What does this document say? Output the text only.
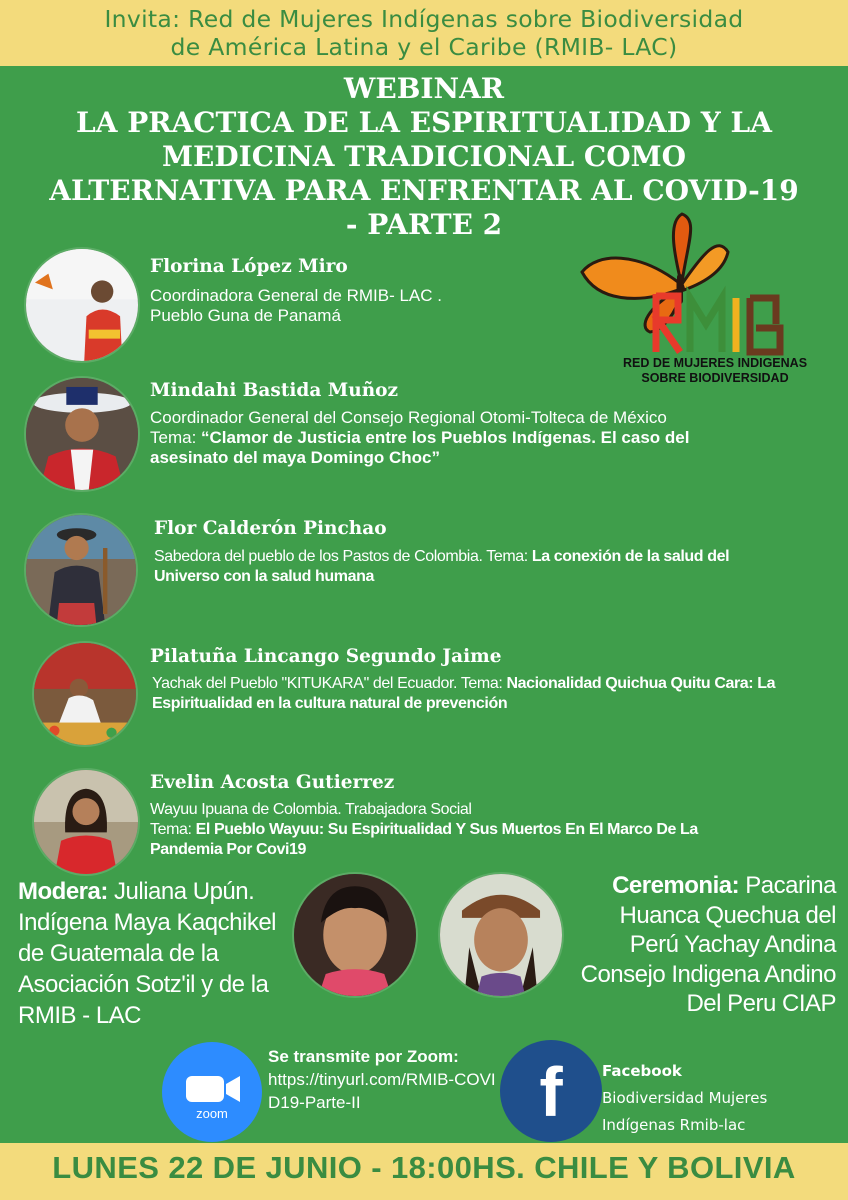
Invita: Red de Mujeres Indígenas sobre Biodiversidad
de América Latina y el Caribe (RMIB- LAC)
WEBINAR
LA PRACTICA DE LA ESPIRITUALIDAD Y LA
MEDICINA TRADICIONAL COMO
ALTERNATIVA PARA ENFRENTAR AL COVID-19
- PARTE 2
Florina López Miro
Coordinadora General de RMIB- LAC .
Pueblo Guna de Panamá
RED DE MUJERES INDIGENAS
SOBRE BIODIVERSIDAD
Mindahi Bastida Muñoz
Coordinador General del Consejo Regional Otomi-Tolteca de México
Tema: “Clamor de Justicia entre los Pueblos Indígenas. El caso del asesinato del maya Domingo Choc”
Flor Calderón Pinchao
Sabedora del pueblo de los Pastos de Colombia. Tema: La conexión de la salud del Universo con la salud humana
Pilatuña Lincango Segundo Jaime
Yachak del Pueblo "KITUKARA" del Ecuador. Tema: Nacionalidad Quichua Quitu Cara: La Espiritualidad en la cultura natural de prevención
Evelin Acosta Gutierrez
Wayuu Ipuana de Colombia. Trabajadora Social
Tema: El Pueblo Wayuu: Su Espiritualidad Y Sus Muertos En El Marco De La Pandemia Por Covi19
Modera: Juliana Upún. Indígena Maya Kaqchikel de Guatemala de la Asociación Sotz'il y de la RMIB - LAC
Ceremonia: Pacarina Huanca Quechua del Perú Yachay Andina Consejo Indigena Andino Del Peru CIAP
zoom
Se transmite por Zoom:
https://tinyurl.com/RMIB-COVID19-Parte-II	f	Facebook
Biodiversidad Mujeres Indígenas Rmib-lac
LUNES 22 DE JUNIO - 18:00HS. CHILE Y BOLIVIA
